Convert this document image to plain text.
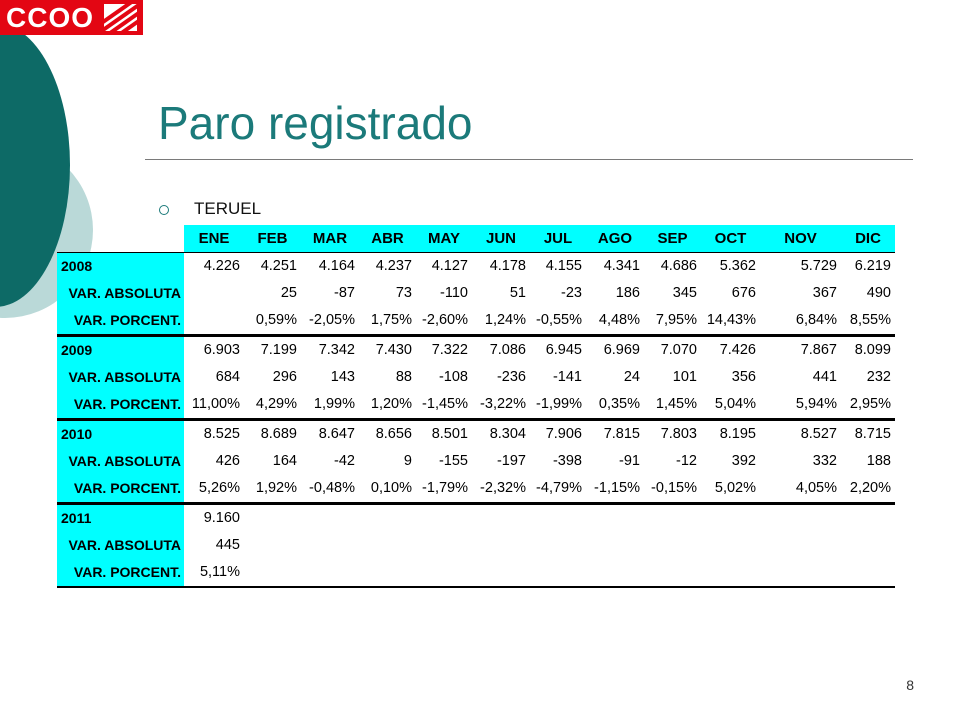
CCOO
Paro registrado
TERUEL
	ENE	FEB	MAR	ABR	MAY	JUN	JUL	AGO	SEP	OCT	NOV	DIC
2008	4.226	4.251	4.164	4.237	4.127	4.178	4.155	4.341	4.686	5.362	5.729	6.219
VAR. ABSOLUTA		25	-87	73	-110	51	-23	186	345	676	367	490
VAR. PORCENT.		0,59%	-2,05%	1,75%	-2,60%	1,24%	-0,55%	4,48%	7,95%	14,43%	6,84%	8,55%
2009	6.903	7.199	7.342	7.430	7.322	7.086	6.945	6.969	7.070	7.426	7.867	8.099
VAR. ABSOLUTA	684	296	143	88	-108	-236	-141	24	101	356	441	232
VAR. PORCENT.	11,00%	4,29%	1,99%	1,20%	-1,45%	-3,22%	-1,99%	0,35%	1,45%	5,04%	5,94%	2,95%
2010	8.525	8.689	8.647	8.656	8.501	8.304	7.906	7.815	7.803	8.195	8.527	8.715
VAR. ABSOLUTA	426	164	-42	9	-155	-197	-398	-91	-12	392	332	188
VAR. PORCENT.	5,26%	1,92%	-0,48%	0,10%	-1,79%	-2,32%	-4,79%	-1,15%	-0,15%	5,02%	4,05%	2,20%
2011	9.160											
VAR. ABSOLUTA	445											
VAR. PORCENT.	5,11%											
8
